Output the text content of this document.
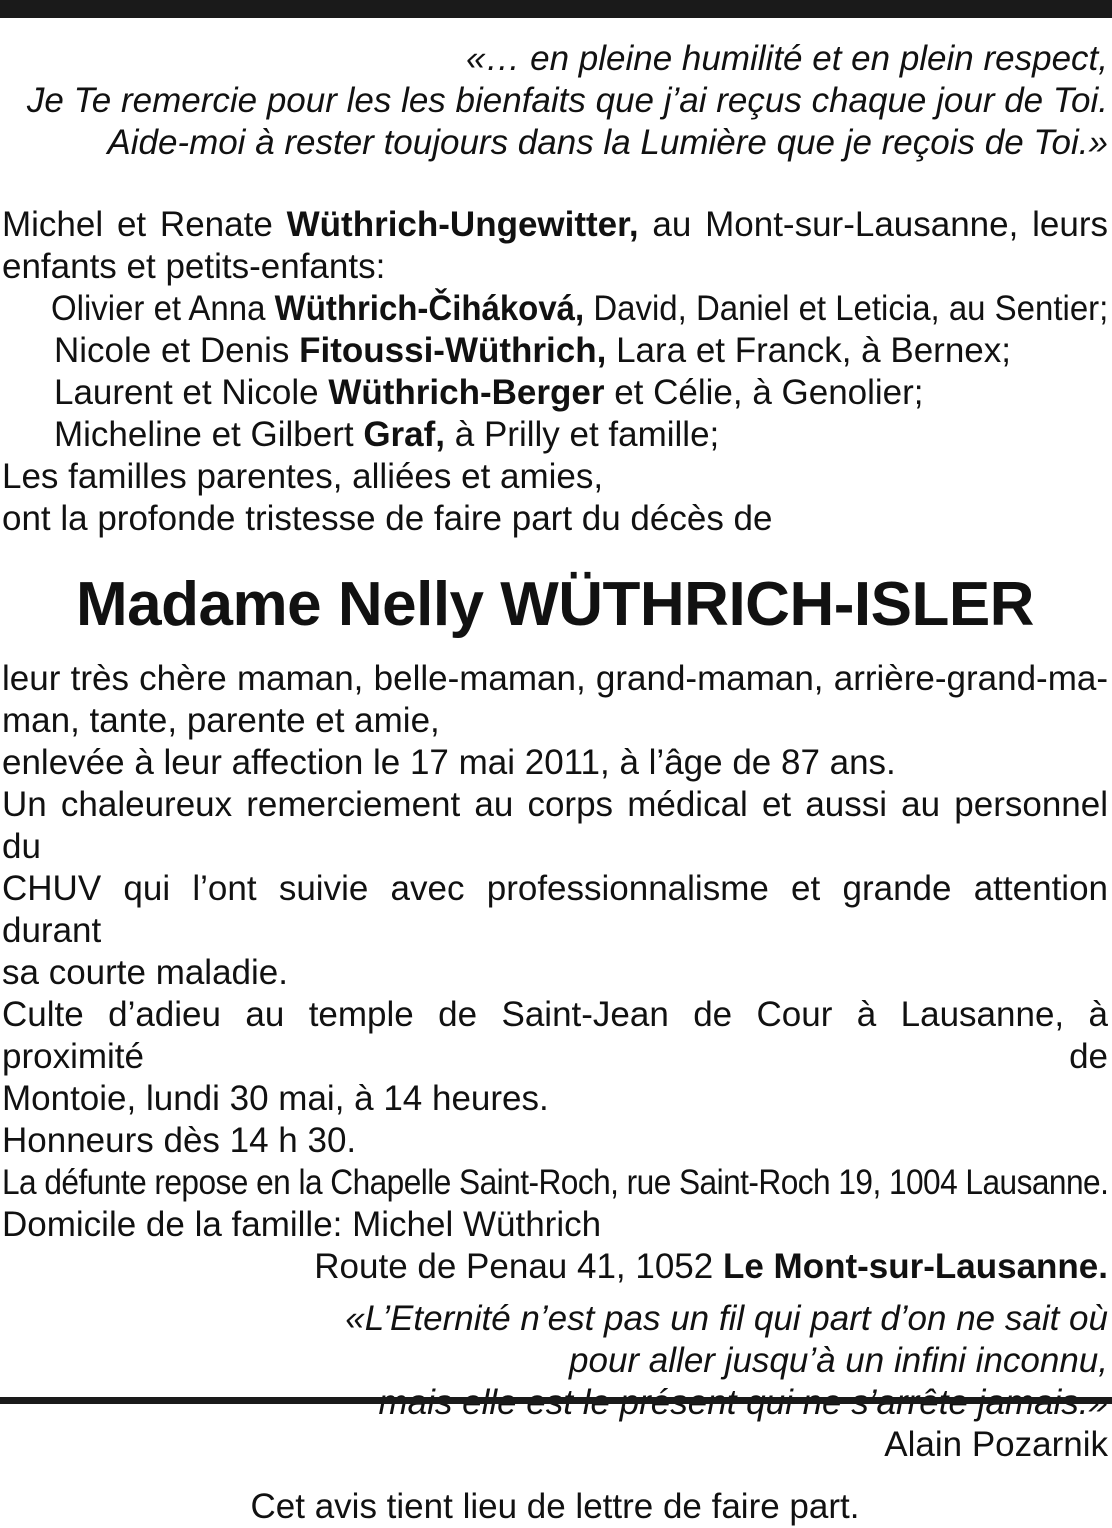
«… en pleine humilité et en plein respect,
Je Te remercie pour les les bienfaits que j’ai reçus chaque jour de Toi.
Aide-moi à rester toujours dans la Lumière que je reçois de Toi.»
Michel et Renate Wüthrich-Ungewitter, au Mont-sur-Lausanne, leurs
enfants et petits-enfants:
Olivier et Anna Wüthrich-Čiháková, David, Daniel et Leticia, au Sentier;
Nicole et Denis Fitoussi-Wüthrich, Lara et Franck, à Bernex;
Laurent et Nicole Wüthrich-Berger et Célie, à Genolier;
Micheline et Gilbert Graf, à Prilly et famille;
Les familles parentes, alliées et amies,
ont la profonde tristesse de faire part du décès de
Madame Nelly WÜTHRICH-ISLER
leur très chère maman, belle-maman, grand-maman, arrière-grand-ma-
man, tante, parente et amie,
enlevée à leur affection le 17 mai 2011, à l’âge de 87 ans.
Un chaleureux remerciement au corps médical et aussi au personnel du
CHUV qui l’ont suivie avec professionnalisme et grande attention durant
sa courte maladie.
Culte d’adieu au temple de Saint-Jean de Cour à Lausanne, à proximité de
Montoie, lundi 30 mai, à 14 heures.
Honneurs dès 14 h 30.
La défunte repose en la Chapelle Saint-Roch, rue Saint-Roch 19, 1004 Lausanne.
Domicile de la famille: Michel Wüthrich
Route de Penau 41, 1052 Le Mont-sur-Lausanne.
«L’Eternité n’est pas un fil qui part d’on ne sait où
pour aller jusqu’à un infini inconnu,
Alain Pozarnik
Cet avis tient lieu de lettre de faire part.
